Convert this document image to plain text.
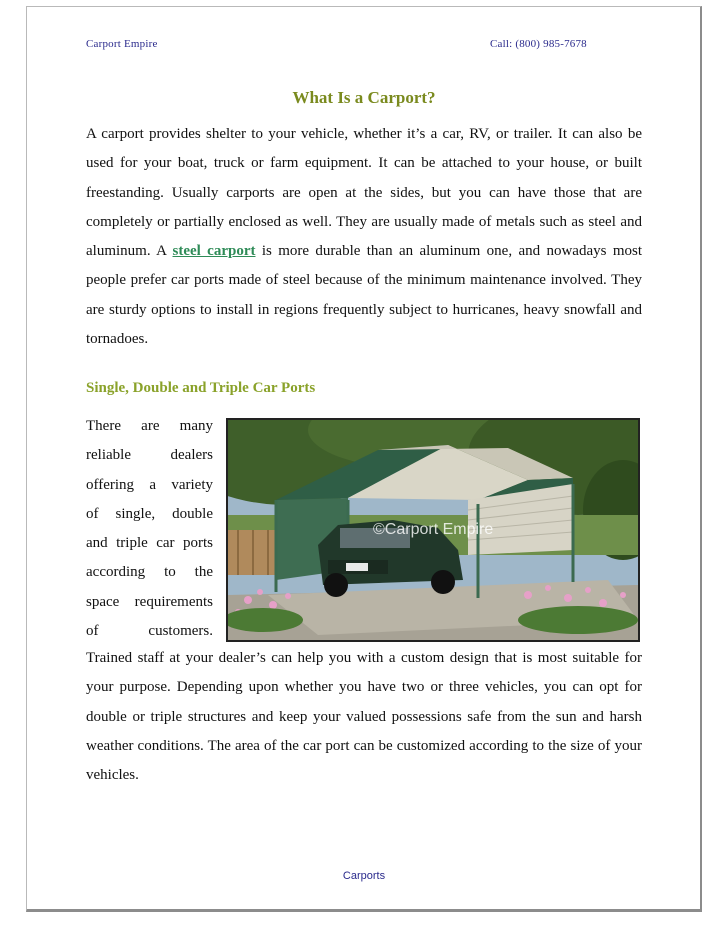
Carport Empire	Call: (800) 985-7678
What Is a Carport?
A carport provides shelter to your vehicle, whether it’s a car, RV, or trailer. It can also be used for your boat, truck or farm equipment. It can be attached to your house, or built freestanding. Usually carports are open at the sides, but you can have those that are completely or partially enclosed as well. They are usually made of metals such as steel and aluminum. A steel carport is more durable than an aluminum one, and nowadays most people prefer car ports made of steel because of the minimum maintenance involved. They are sturdy options to install in regions frequently subject to hurricanes, heavy snowfall and tornadoes.
Single, Double and Triple Car Ports
There are many
reliable dealers
offering a variety
of single, double
and triple car ports
according to the
space requirements
of customers.
©Carport Empire
Trained staff at your dealer’s can help you with a custom design that is most suitable for your purpose. Depending upon whether you have two or three vehicles, you can opt for double or triple structures and keep your valued possessions safe from the sun and harsh weather conditions. The area of the car port can be customized according to the size of your vehicles.
Carports
